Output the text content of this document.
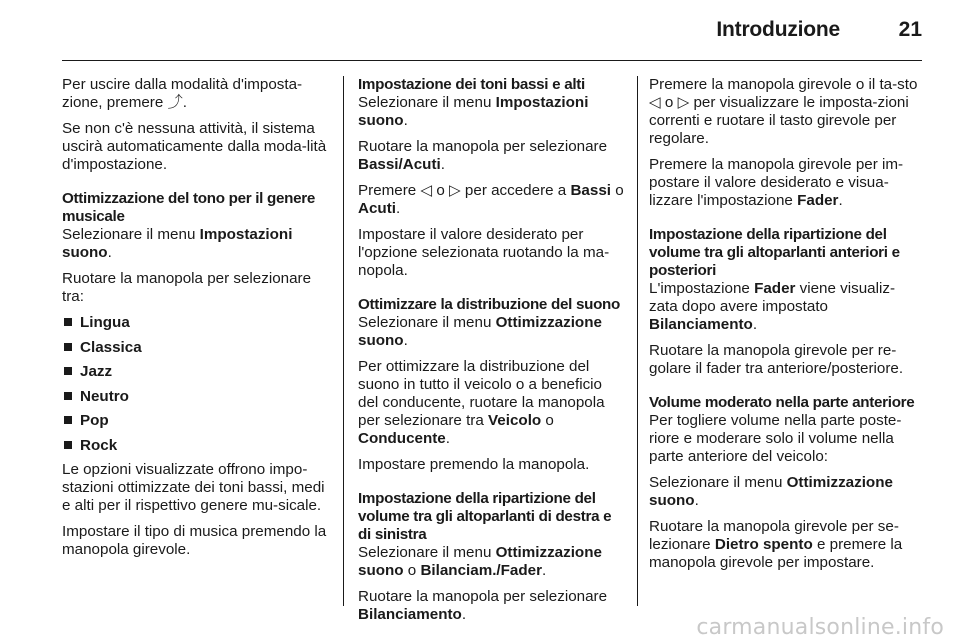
Introduzione	21

Per uscire dalla modalità d'imposta-zione, premere ⤴.

Se non c'è nessuna attività, il sistema uscirà automaticamente dalla moda-lità d'impostazione.

Ottimizzazione del tono per il genere musicale

Selezionare il menu Impostazioni suono.

Ruotare la manopola per selezionare tra:

Lingua
Classica
Jazz
Neutro
Pop
Rock

Le opzioni visualizzate offrono impo-stazioni ottimizzate dei toni bassi, medi e alti per il rispettivo genere mu-sicale.

Impostare il tipo di musica premendo la manopola girevole.

Impostazione dei toni bassi e alti

Selezionare il menu Impostazioni suono.

Ruotare la manopola per selezionare Bassi/Acuti.

Premere ◁ o ▷ per accedere a Bassi o Acuti.

Impostare il valore desiderato per l'opzione selezionata ruotando la ma-nopola.

Ottimizzare la distribuzione del suono

Selezionare il menu Ottimizzazione suono.

Per ottimizzare la distribuzione del suono in tutto il veicolo o a beneficio del conducente, ruotare la manopola per selezionare tra Veicolo o Conducente.

Impostare premendo la manopola.

Impostazione della ripartizione del volume tra gli altoparlanti di destra e di sinistra

Selezionare il menu Ottimizzazione suono o Bilanciam./Fader.

Ruotare la manopola per selezionare Bilanciamento.

Premere la manopola girevole o il ta-sto ◁ o ▷ per visualizzare le imposta-zioni correnti e ruotare il tasto girevole per regolare.

Premere la manopola girevole per im-postare il valore desiderato e visua-lizzare l'impostazione Fader.

Impostazione della ripartizione del volume tra gli altoparlanti anteriori e posteriori

L'impostazione Fader viene visualiz-zata dopo avere impostato Bilanciamento.

Ruotare la manopola girevole per re-golare il fader tra anteriore/posteriore.

Volume moderato nella parte anteriore

Per togliere volume nella parte poste-riore e moderare solo il volume nella parte anteriore del veicolo:

Selezionare il menu Ottimizzazione suono.

Ruotare la manopola girevole per se-lezionare Dietro spento e premere la manopola girevole per impostare.

carmanualsonline.info
